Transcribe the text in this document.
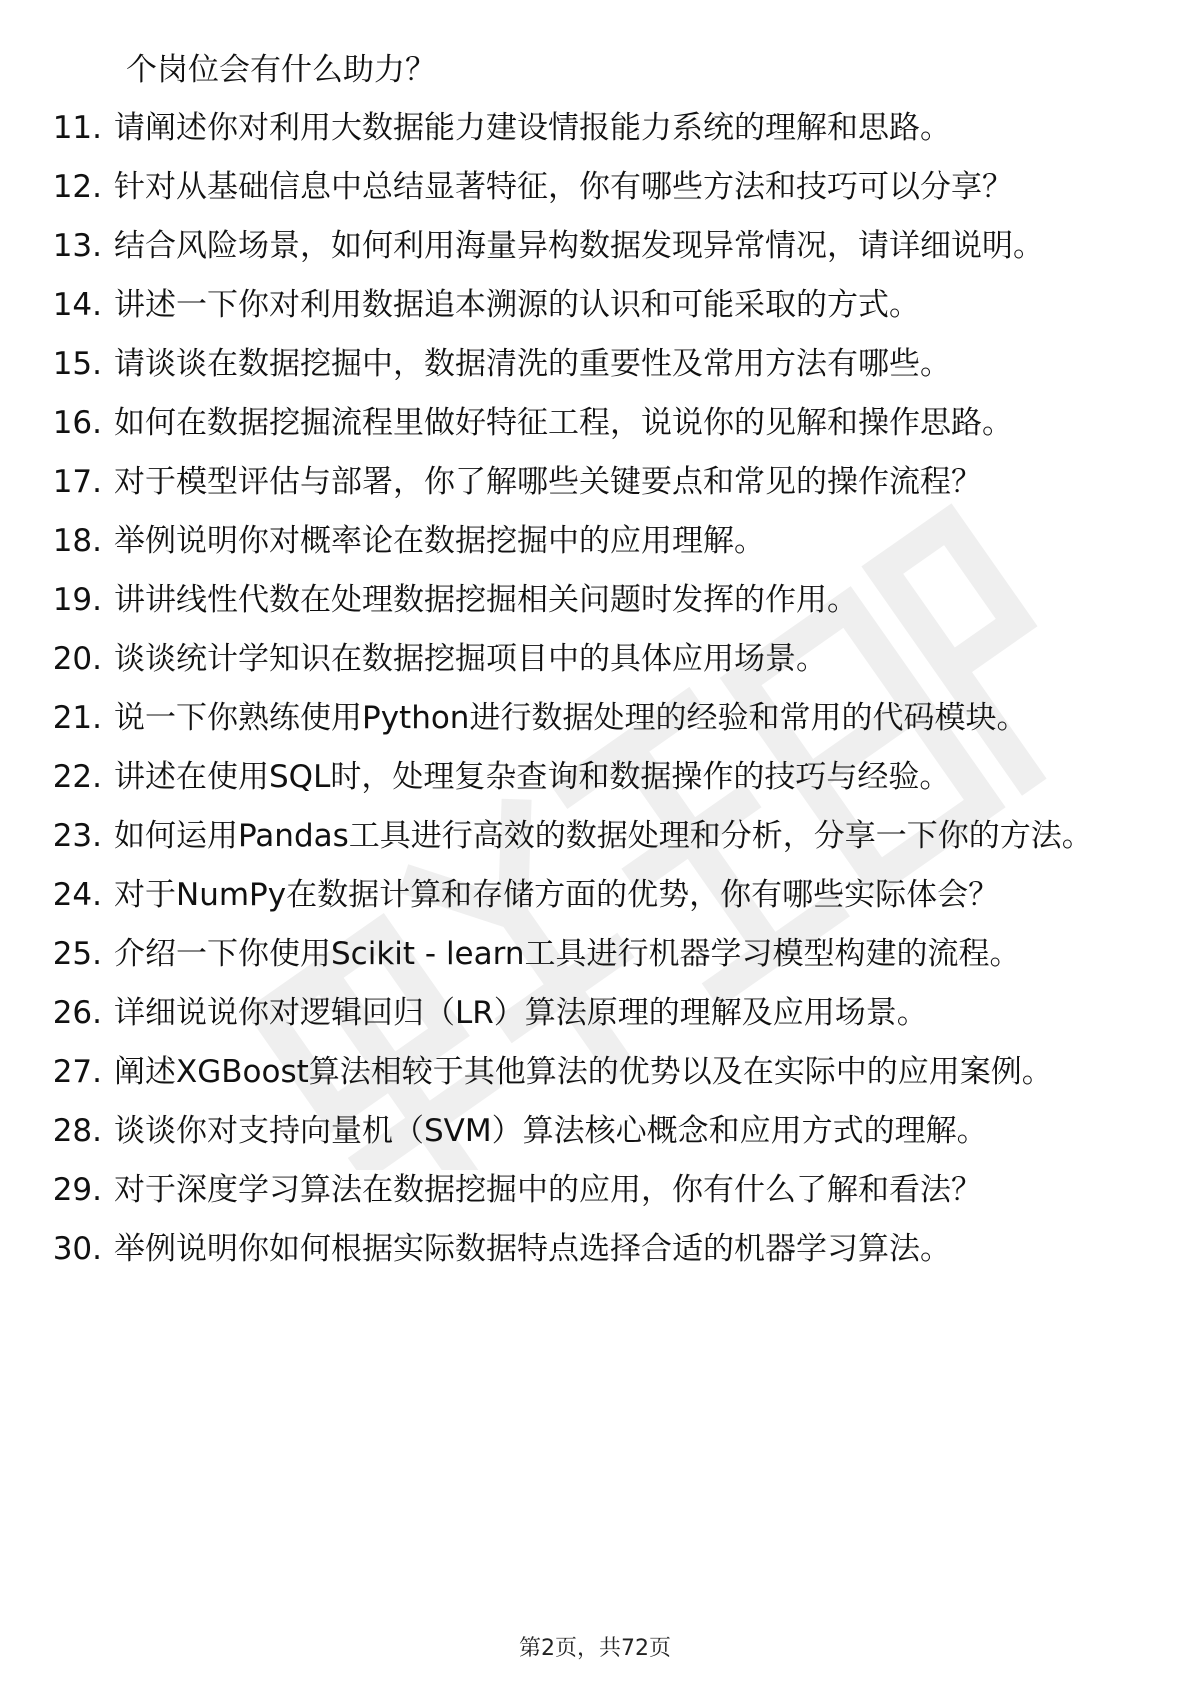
个岗位会有什么助力？
11. 请阐述你对利用大数据能力建设情报能力系统的理解和思路。
12. 针对从基础信息中总结显著特征，你有哪些方法和技巧可以分享？
13. 结合风险场景，如何利用海量异构数据发现异常情况，请详细说明。
14. 讲述一下你对利用数据追本溯源的认识和可能采取的方式。
15. 请谈谈在数据挖掘中，数据清洗的重要性及常用方法有哪些。
16. 如何在数据挖掘流程里做好特征工程，说说你的见解和操作思路。
17. 对于模型评估与部署，你了解哪些关键要点和常见的操作流程？
18. 举例说明你对概率论在数据挖掘中的应用理解。
19. 讲讲线性代数在处理数据挖掘相关问题时发挥的作用。
20. 谈谈统计学知识在数据挖掘项目中的具体应用场景。
21. 说一下你熟练使用Python进行数据处理的经验和常用的代码模块。
22. 讲述在使用SQL时，处理复杂查询和数据操作的技巧与经验。
23. 如何运用Pandas工具进行高效的数据处理和分析，分享一下你的方法。
24. 对于NumPy在数据计算和存储方面的优势，你有哪些实际体会？
25. 介绍一下你使用Scikit - learn工具进行机器学习模型构建的流程。
26. 详细说说你对逻辑回归（LR）算法原理的理解及应用场景。
27. 阐述XGBoost算法相较于其他算法的优势以及在实际中的应用案例。
28. 谈谈你对支持向量机（SVM）算法核心概念和应用方式的理解。
29. 对于深度学习算法在数据挖掘中的应用，你有什么了解和看法？
30. 举例说明你如何根据实际数据特点选择合适的机器学习算法。
第2页，共72页
